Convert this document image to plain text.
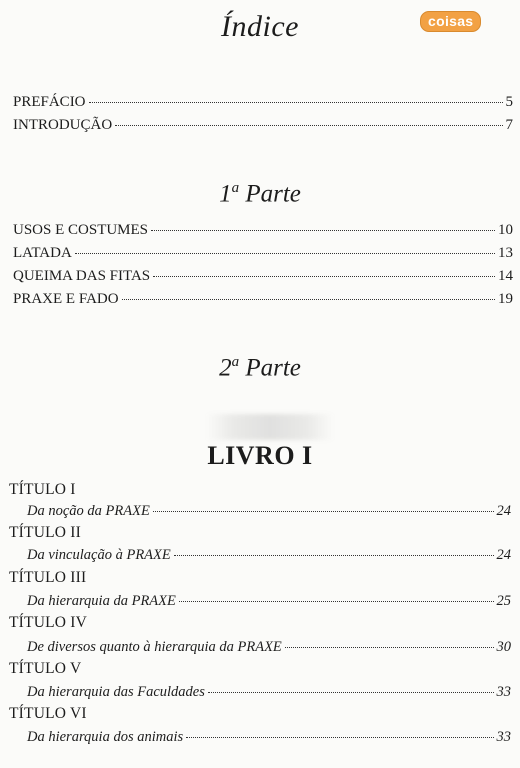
Índice	coisas
PREFÁCIO	5
INTRODUÇÃO	7
1$^a$ Parte
USOS E COSTUMES	10
LATADA	13
QUEIMA DAS FITAS	14
PRAXE E FADO	19
2$^a$ Parte
LIVRO I
TÍTULO I
Da noção da PRAXE	24
TÍTULO II
Da vinculação à PRAXE	24
TÍTULO III
Da hierarquia da PRAXE	25
TÍTULO IV
De diversos quanto à hierarquia da PRAXE	30
TÍTULO V
Da hierarquia das Faculdades	33
TÍTULO VI
Da hierarquia dos animais	33
